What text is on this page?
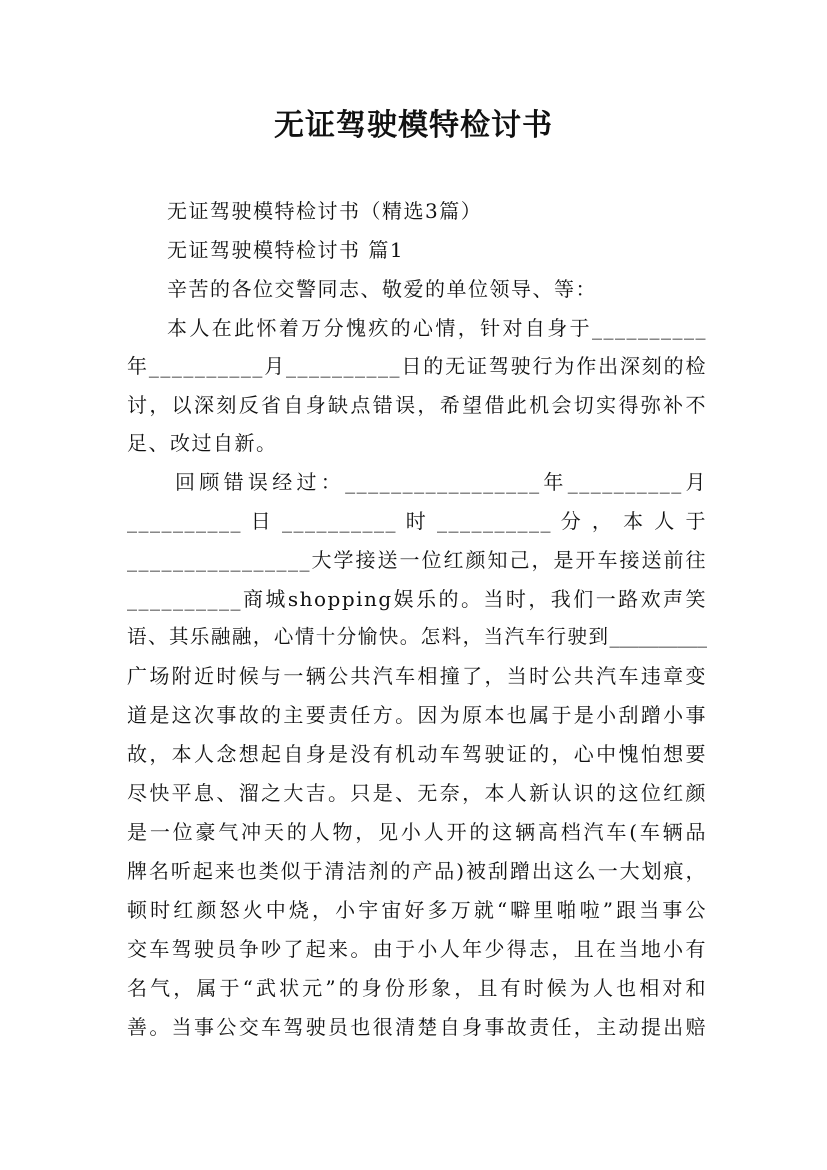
无证驾驶模特检讨书
无证驾驶模特检讨书（精选3篇）
无证驾驶模特检讨书 篇1
辛苦的各位交警同志、敬爱的单位领导、等：
本人在此怀着万分愧疚的心情，针对自身于__________
年__________月__________日的无证驾驶行为作出深刻的检
讨，以深刻反省自身缺点错误，希望借此机会切实得弥补不
足、改过自新。
回顾错误经过：_________________年__________月
__________ 日 __________ 时 __________ 分 ， 本 人 于
________________大学接送一位红颜知己，是开车接送前往
__________商城shopping娱乐的。当时，我们一路欢声笑
语、其乐融融，心情十分愉快。怎料，当汽车行驶到__________
广场附近时候与一辆公共汽车相撞了，当时公共汽车违章变
道是这次事故的主要责任方。因为原本也属于是小刮蹭小事
故，本人念想起自身是没有机动车驾驶证的，心中愧怕想要
尽快平息、溜之大吉。只是、无奈，本人新认识的这位红颜
是一位豪气冲天的人物，见小人开的这辆高档汽车(车辆品
牌名听起来也类似于清洁剂的产品)被刮蹭出这么一大划痕，
顿时红颜怒火中烧，小宇宙好多万就“噼里啪啦”跟当事公
交车驾驶员争吵了起来。由于小人年少得志，且在当地小有
名气，属于“武状元”的身份形象，且有时候为人也相对和
善。当事公交车驾驶员也很清楚自身事故责任，主动提出赔
